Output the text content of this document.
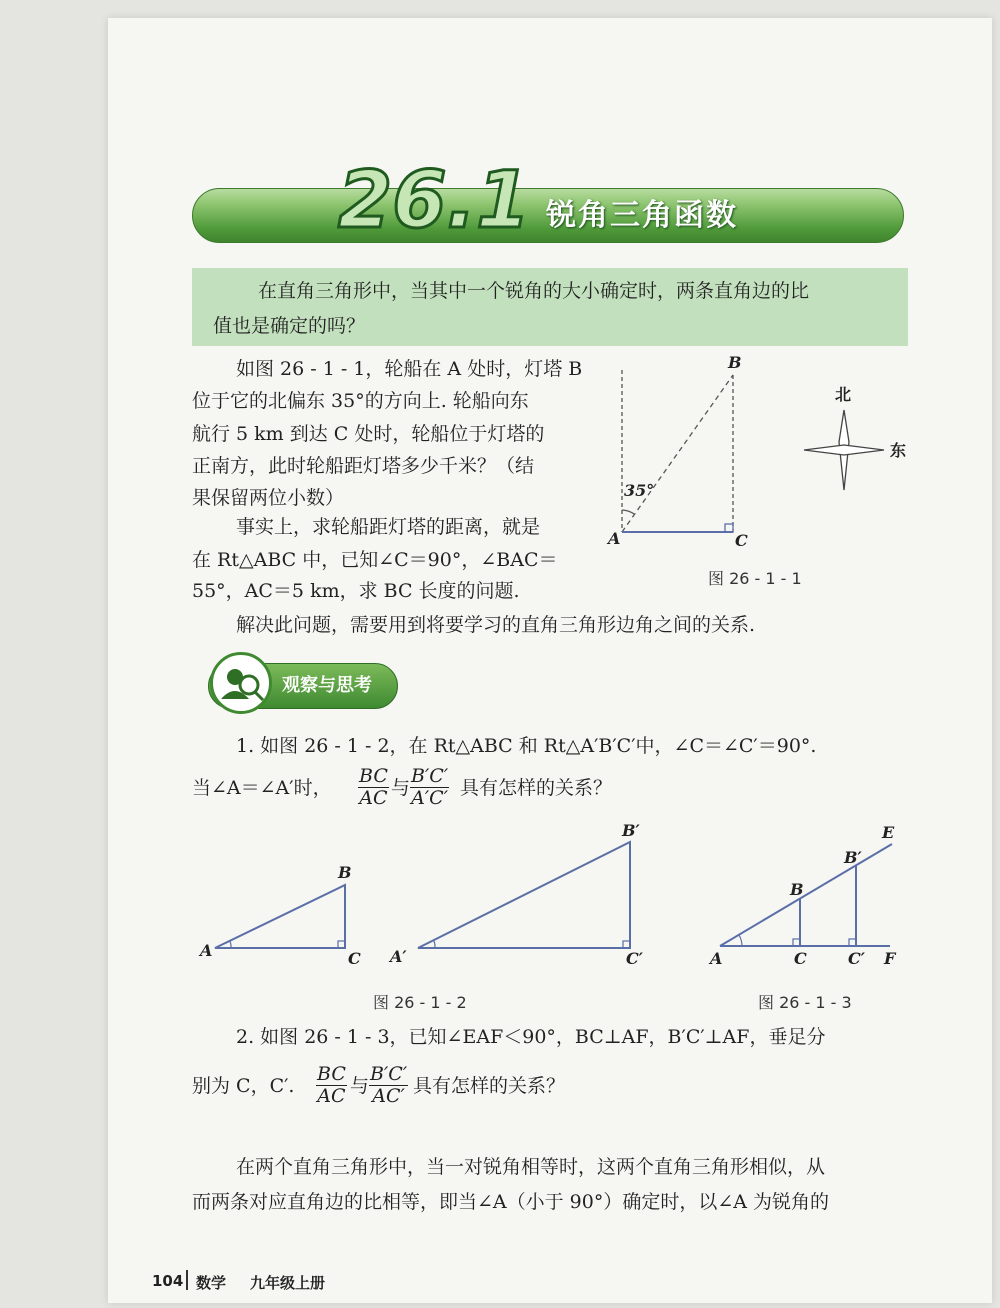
26.1 锐角三角函数
在直角三角形中，当其中一个锐角的大小确定时，两条直角边的比
值也是确定的吗？
如图 26 - 1 - 1，轮船在 A 处时，灯塔 B
位于它的北偏东 35°的方向上. 轮船向东
航行 5 km 到达 C 处时，轮船位于灯塔的
正南方，此时轮船距灯塔多少千米？（结
果保留两位小数）
事实上，求轮船距灯塔的距离，就是
在 Rt△ABC 中，已知∠C＝90°，∠BAC＝
55°，AC＝5 km，求 BC 长度的问题.
解决此问题，需要用到将要学习的直角三角形边角之间的关系.
35°
A
B
C
北
东
图 26 - 1 - 1
观察与思考
1. 如图 26 - 1 - 2，在 Rt△ABC 和 Rt△A′B′C′中，∠C＝∠C′＝90°.
当∠A＝∠A′时， $\frac{BC}{AC}$ 与 $\frac{B'C'}{A'C'}$ 具有怎样的关系？
A
B
C A′
B′
C′	A
B
C
B′
C′
E
F
图 26 - 1 - 2	图 26 - 1 - 3
2. 如图 26 - 1 - 3，已知∠EAF＜90°，BC⊥AF，B′C′⊥AF，垂足分
别为 C，C′. $\frac{BC}{AC}$ 与 $\frac{B'C'}{AC'}$ 具有怎样的关系？
在两个直角三角形中，当一对锐角相等时，这两个直角三角形相似，从
而两条对应直角边的比相等，即当∠A（小于 90°）确定时，以∠A 为锐角的
104 数学 九年级上册
